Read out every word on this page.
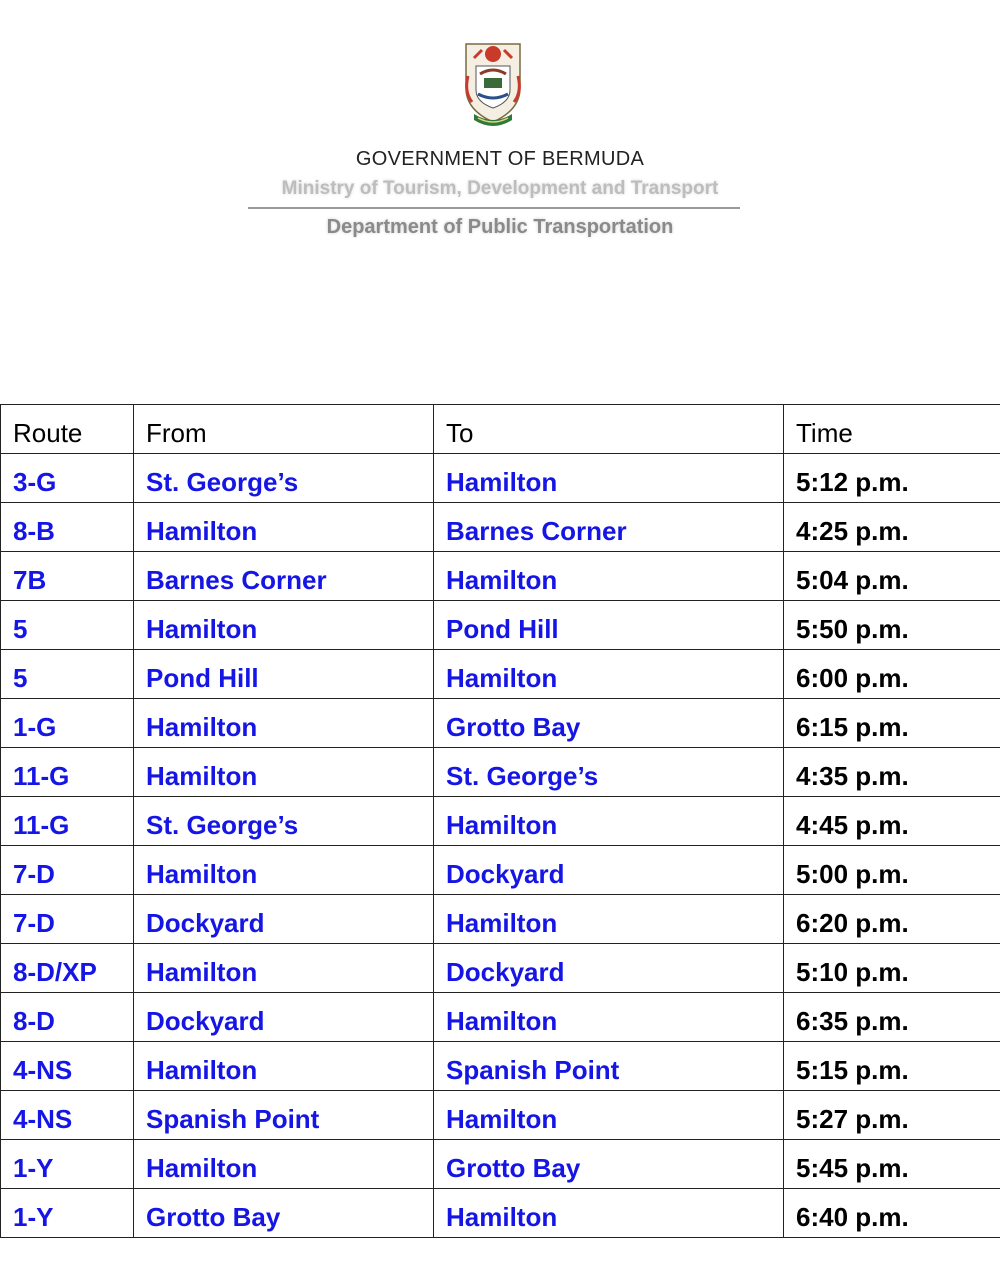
GOVERNMENT OF BERMUDA
Ministry of Tourism, Development and Transport
Department of Public Transportation
Route	From	To	Time
3-G	St. George’s	Hamilton	5:12 p.m.
8-B	Hamilton	Barnes Corner	4:25 p.m.
7B	Barnes Corner	Hamilton	5:04 p.m.
5	Hamilton	Pond Hill	5:50 p.m.
5	Pond Hill	Hamilton	6:00 p.m.
1-G	Hamilton	Grotto Bay	6:15 p.m.
11-G	Hamilton	St. George’s	4:35 p.m.
11-G	St. George’s	Hamilton	4:45 p.m.
7-D	Hamilton	Dockyard	5:00 p.m.
7-D	Dockyard	Hamilton	6:20 p.m.
8-D/XP	Hamilton	Dockyard	5:10 p.m.
8-D	Dockyard	Hamilton	6:35 p.m.
4-NS	Hamilton	Spanish Point	5:15 p.m.
4-NS	Spanish Point	Hamilton	5:27 p.m.
1-Y	Hamilton	Grotto Bay	5:45 p.m.
1-Y	Grotto Bay	Hamilton	6:40 p.m.
